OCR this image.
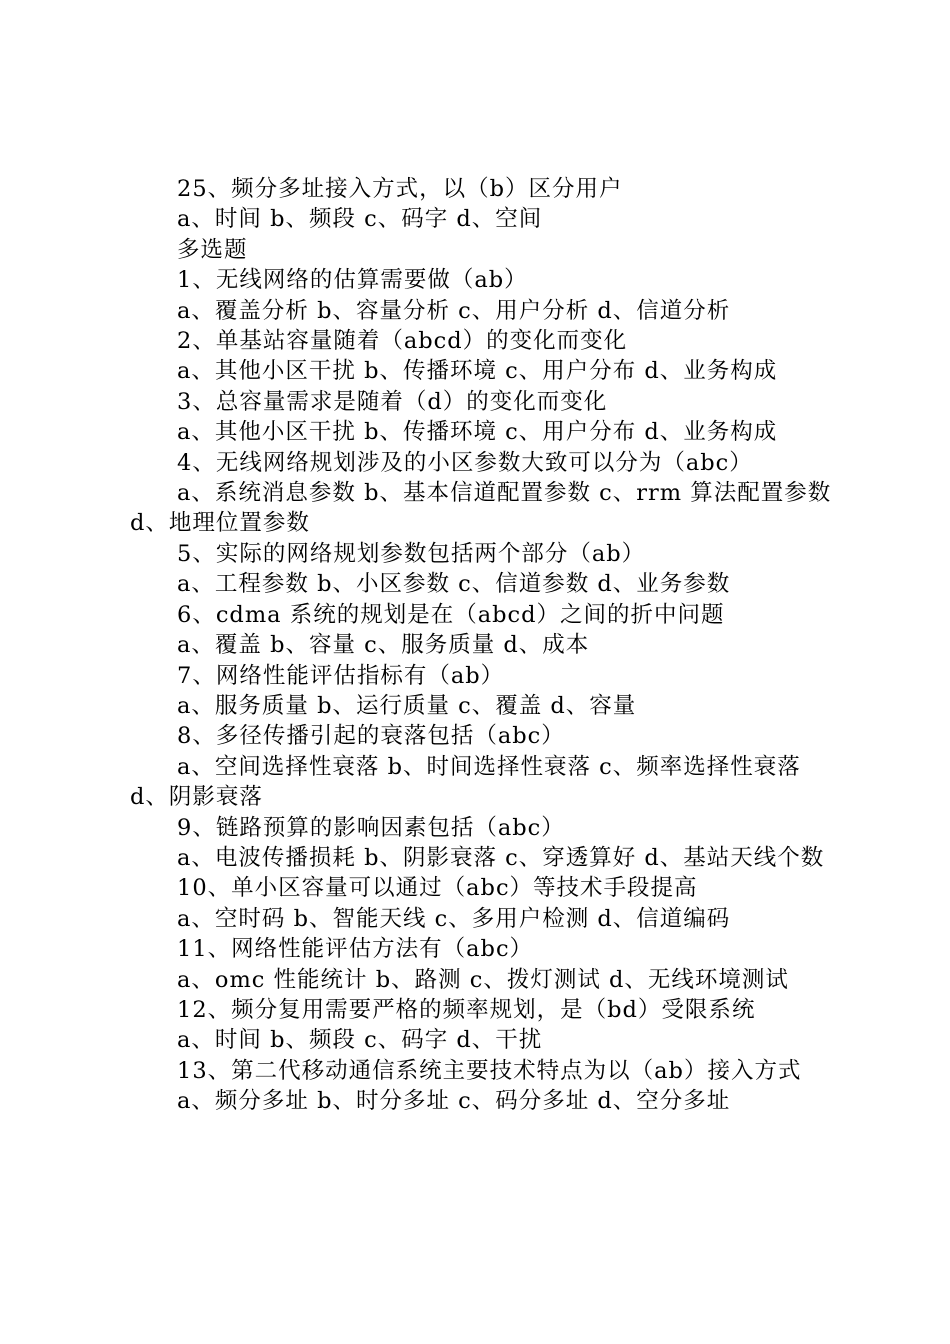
25、频分多址接入方式，以（b）区分用户

a、时间 b、频段 c、码字 d、空间

多选题

1、无线网络的估算需要做（ab）

a、覆盖分析 b、容量分析 c、用户分析 d、信道分析

2、单基站容量随着（abcd）的变化而变化

a、其他小区干扰 b、传播环境 c、用户分布 d、业务构成

3、总容量需求是随着（d）的变化而变化

a、其他小区干扰 b、传播环境 c、用户分布 d、业务构成

4、无线网络规划涉及的小区参数大致可以分为（abc）

a、系统消息参数 b、基本信道配置参数 c、rrm 算法配置参数 d、地理位置参数

5、实际的网络规划参数包括两个部分（ab）

a、工程参数 b、小区参数 c、信道参数 d、业务参数

6、cdma 系统的规划是在（abcd）之间的折中问题

a、覆盖 b、容量 c、服务质量 d、成本

7、网络性能评估指标有（ab）

a、服务质量 b、运行质量 c、覆盖 d、容量

8、多径传播引起的衰落包括（abc）

a、空间选择性衰落 b、时间选择性衰落 c、频率选择性衰落 d、阴影衰落

9、链路预算的影响因素包括（abc）

a、电波传播损耗 b、阴影衰落 c、穿透算好 d、基站天线个数

10、单小区容量可以通过（abc）等技术手段提高

a、空时码 b、智能天线 c、多用户检测 d、信道编码

11、网络性能评估方法有（abc）

a、omc 性能统计 b、路测 c、拨灯测试 d、无线环境测试

12、频分复用需要严格的频率规划，是（bd）受限系统

a、时间 b、频段 c、码字 d、干扰

13、第二代移动通信系统主要技术特点为以（ab）接入方式

a、频分多址 b、时分多址 c、码分多址 d、空分多址
